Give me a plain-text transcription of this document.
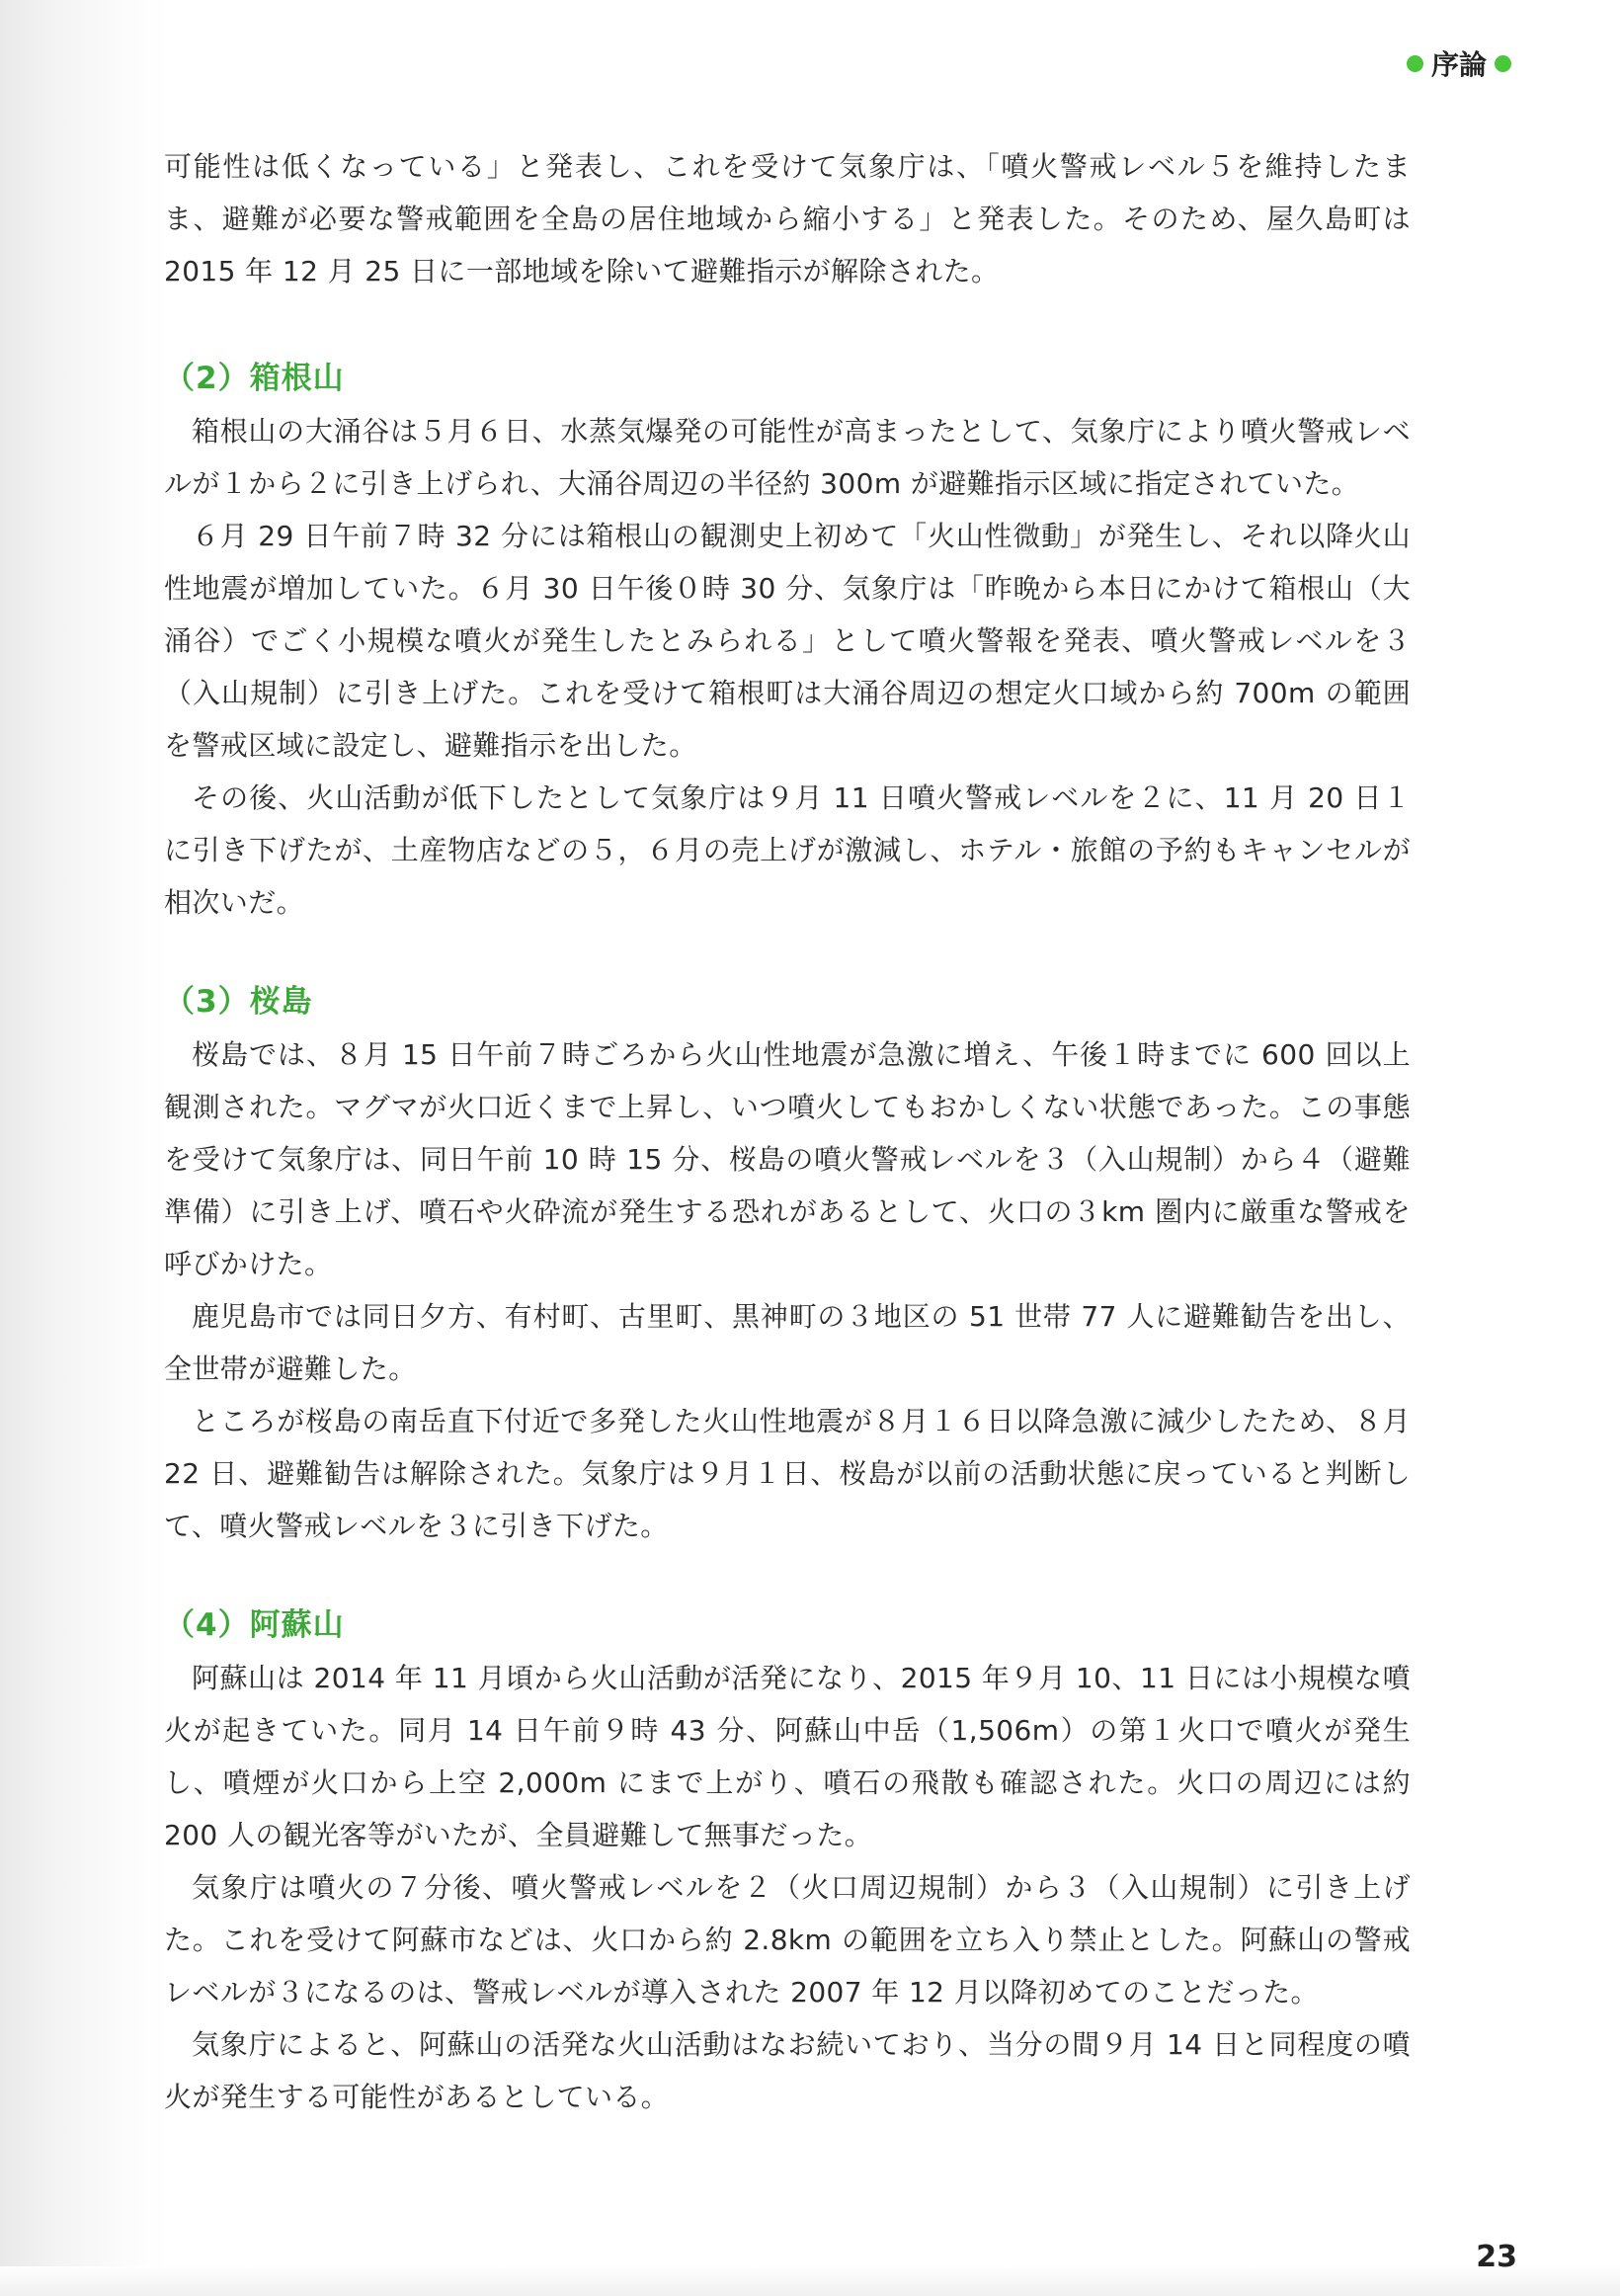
序論

可能性は低くなっている」と発表し、これを受けて気象庁は、「噴火警戒レベル５を維持したまま、避難が必要な警戒範囲を全島の居住地域から縮小する」と発表した。そのため、屋久島町は 2015 年 12 月 25 日に一部地域を除いて避難指示が解除された。

（2）箱根山

箱根山の大涌谷は５月６日、水蒸気爆発の可能性が高まったとして、気象庁により噴火警戒レベルが１から２に引き上げられ、大涌谷周辺の半径約 300m が避難指示区域に指定されていた。

６月 29 日午前７時 32 分には箱根山の観測史上初めて「火山性微動」が発生し、それ以降火山性地震が増加していた。６月 30 日午後０時 30 分、気象庁は「昨晩から本日にかけて箱根山（大涌谷）でごく小規模な噴火が発生したとみられる」として噴火警報を発表、噴火警戒レベルを３（入山規制）に引き上げた。これを受けて箱根町は大涌谷周辺の想定火口域から約 700m の範囲を警戒区域に設定し、避難指示を出した。

その後、火山活動が低下したとして気象庁は９月 11 日噴火警戒レベルを２に、11 月 20 日１に引き下げたが、土産物店などの５，６月の売上げが激減し、ホテル・旅館の予約もキャンセルが相次いだ。

（3）桜島

桜島では、８月 15 日午前７時ごろから火山性地震が急激に増え、午後１時までに 600 回以上観測された。マグマが火口近くまで上昇し、いつ噴火してもおかしくない状態であった。この事態を受けて気象庁は、同日午前 10 時 15 分、桜島の噴火警戒レベルを３（入山規制）から４（避難準備）に引き上げ、噴石や火砕流が発生する恐れがあるとして、火口の３km 圏内に厳重な警戒を呼びかけた。

鹿児島市では同日夕方、有村町、古里町、黒神町の３地区の 51 世帯 77 人に避難勧告を出し、全世帯が避難した。

ところが桜島の南岳直下付近で多発した火山性地震が８月１６日以降急激に減少したため、８月 22 日、避難勧告は解除された。気象庁は９月１日、桜島が以前の活動状態に戻っていると判断して、噴火警戒レベルを３に引き下げた。

（4）阿蘇山

阿蘇山は 2014 年 11 月頃から火山活動が活発になり、2015 年９月 10、11 日には小規模な噴火が起きていた。同月 14 日午前９時 43 分、阿蘇山中岳（1,506m）の第１火口で噴火が発生し、噴煙が火口から上空 2,000m にまで上がり、噴石の飛散も確認された。火口の周辺には約 200 人の観光客等がいたが、全員避難して無事だった。

気象庁は噴火の７分後、噴火警戒レベルを２（火口周辺規制）から３（入山規制）に引き上げた。これを受けて阿蘇市などは、火口から約 2.8km の範囲を立ち入り禁止とした。阿蘇山の警戒レベルが３になるのは、警戒レベルが導入された 2007 年 12 月以降初めてのことだった。

気象庁によると、阿蘇山の活発な火山活動はなお続いており、当分の間９月 14 日と同程度の噴火が発生する可能性があるとしている。

23
